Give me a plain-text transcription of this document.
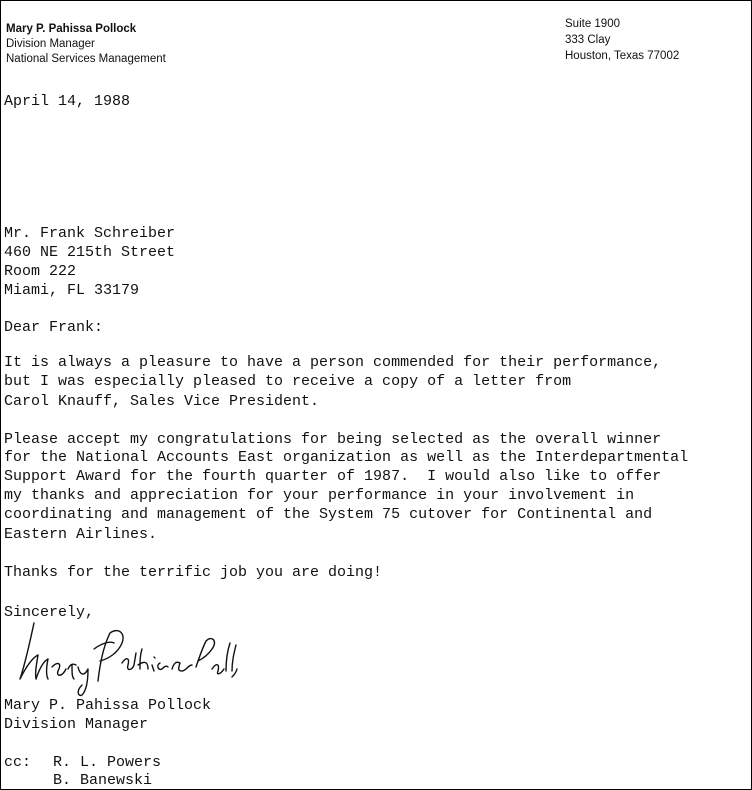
Mary P. Pahissa Pollock
Division Manager
National Services Management
Suite 1900
333 Clay
Houston, Texas 77002

April 14, 1988

Mr. Frank Schreiber

460 NE 215th Street

Room 222

Miami, FL 33179

Dear Frank:

It is always a pleasure to have a person commended for their performance,

but I was especially pleased to receive a copy of a letter from

Carol Knauff, Sales Vice President.

Please accept my congratulations for being selected as the overall winner

for the National Accounts East organization as well as the Interdepartmental

Support Award for the fourth quarter of 1987.  I would also like to offer

my thanks and appreciation for your performance in your involvement in

coordinating and management of the System 75 cutover for Continental and

Eastern Airlines.

Thanks for the terrific job you are doing!

Sincerely,

Mary P. Pahissa Pollock

Division Manager

cc: R. L. Powers

B. Banewski
